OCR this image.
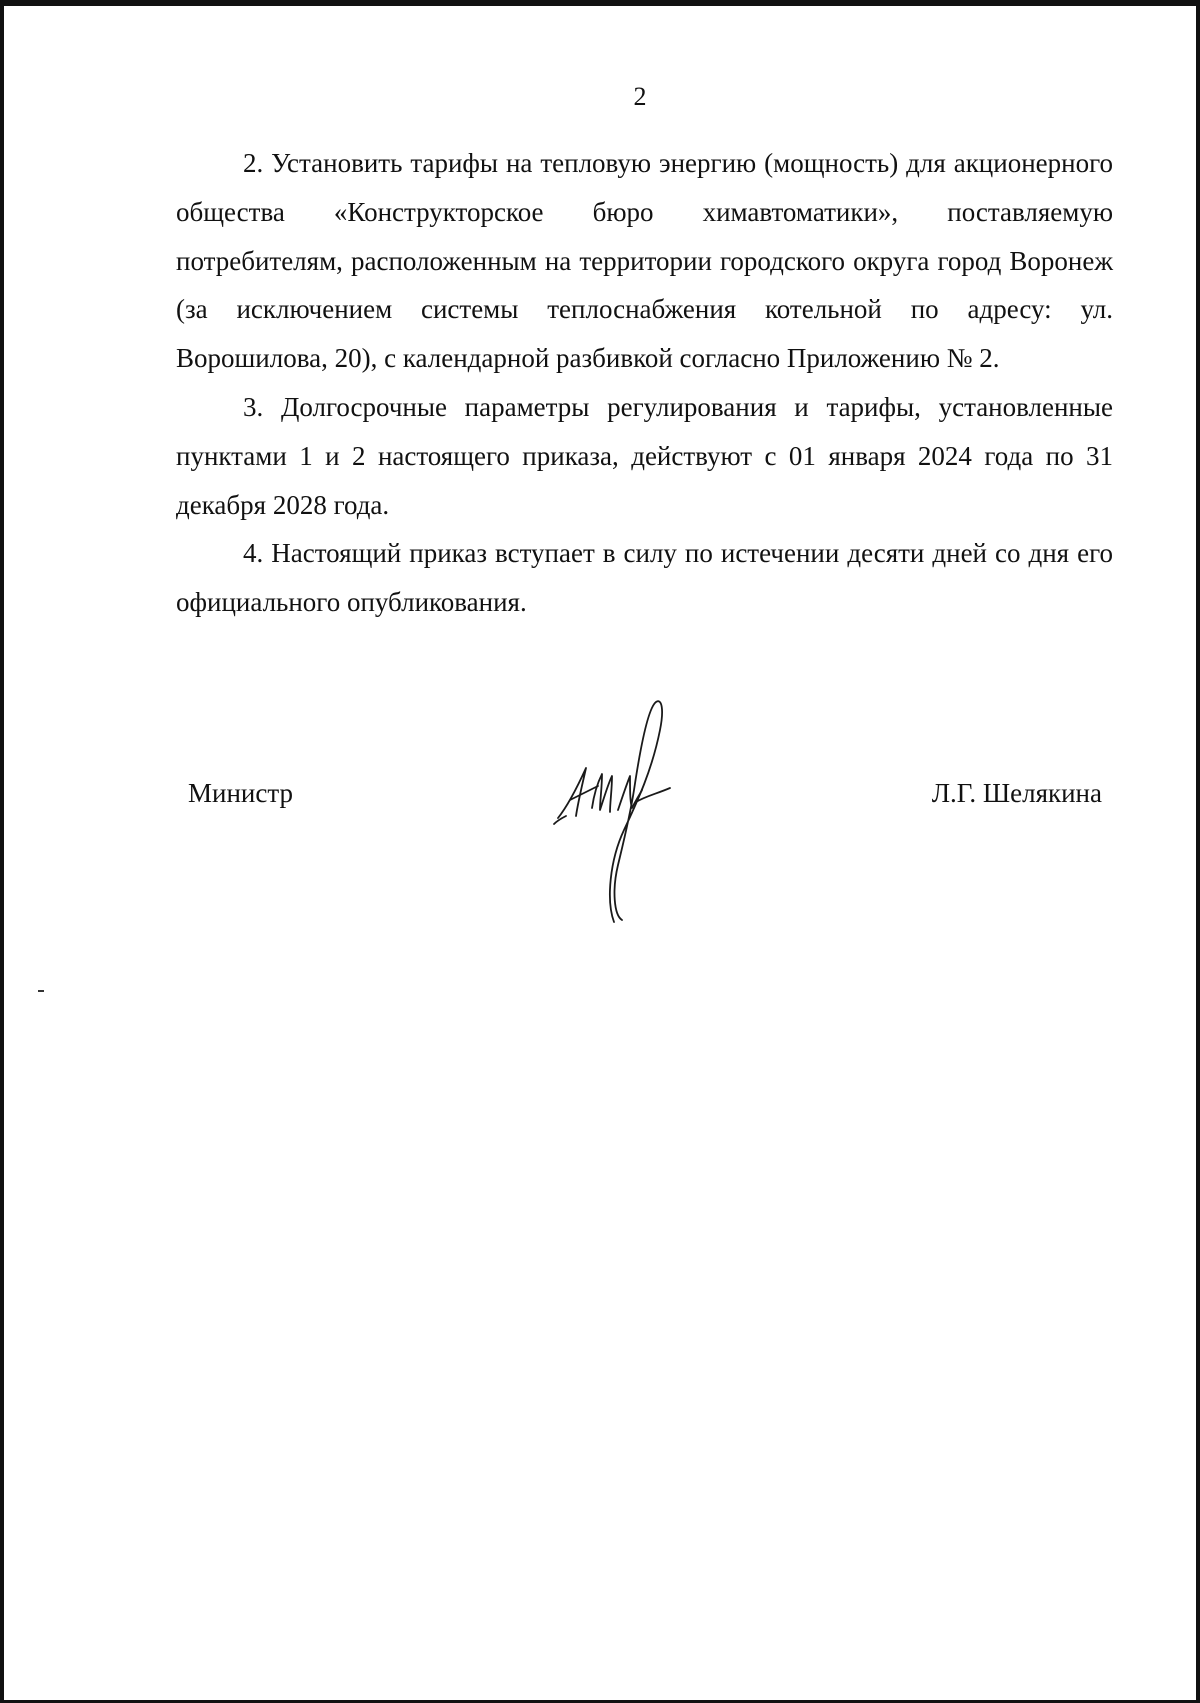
2

2. Установить тарифы на тепловую энергию (мощность) для акционерного общества «Конструкторское бюро химавтоматики», поставляемую потребителям, расположенным на территории городского округа город Воронеж (за исключением системы теплоснабжения котельной по адресу: ул. Ворошилова, 20), с календарной разбивкой согласно Приложению № 2.

3. Долгосрочные параметры регулирования и тарифы, установленные пунктами 1 и 2 настоящего приказа, действуют с 01 января 2024 года по 31 декабря 2028 года.

4. Настоящий приказ вступает в силу по истечении десяти дней со дня его официального опубликования.

Министр	Л.Г. Шелякина
